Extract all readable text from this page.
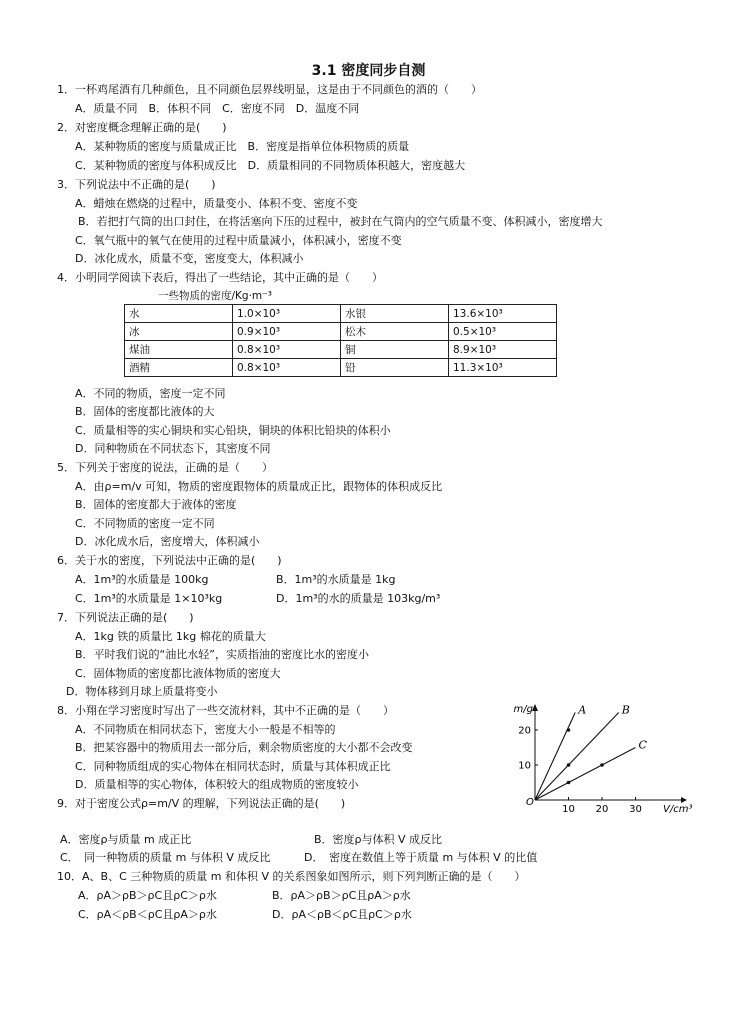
3.1 密度同步自测
1．一杯鸡尾酒有几种颜色，且不同颜色层界线明显，这是由于不同颜色的酒的（　　）
A．质量不同　B．体积不同　C．密度不同　D．温度不同
2．对密度概念理解正确的是(　　)
A．某种物质的密度与质量成正比　B．密度是指单位体积物质的质量
C．某种物质的密度与体积成反比　D．质量相同的不同物质体积越大，密度越大
3．下列说法中不正确的是(　　)
A．蜡烛在燃烧的过程中，质量变小、体积不变、密度不变
B．若把打气筒的出口封住，在将活塞向下压的过程中，被封在气筒内的空气质量不变、体积减小，密度增大
C．氧气瓶中的氧气在使用的过程中质量减小，体积减小，密度不变
D．冰化成水，质量不变，密度变大，体积减小
4．小明同学阅读下表后，得出了一些结论，其中正确的是（　　）
一些物质的密度/Kg·m⁻³
水	1.0×10³	水银	13.6×10³
冰	0.9×10³	松木	0.5×10³
煤油	0.8×10³	铜	8.9×10³
酒精	0.8×10³	铅	11.3×10³
A．不同的物质，密度一定不同
B．固体的密度都比液体的大
C．质量相等的实心铜块和实心铅块，铜块的体积比铅块的体积小
D．同种物质在不同状态下，其密度不同
5．下列关于密度的说法，正确的是（　　）
A．由ρ=m/v 可知，物质的密度跟物体的质量成正比，跟物体的体积成反比
B．固体的密度都大于液体的密度
C．不同物质的密度一定不同
D．冰化成水后，密度增大，体积减小
6．关于水的密度，下列说法中正确的是(　　)
A．1m³的水质量是 100kg	B．1m³的水质量是 1kg
C．1m³的水质量是 1×10³kg	D．1m³的水的质量是 103kg/m³
7．下列说法正确的是(　　)
A．1kg 铁的质量比 1kg 棉花的质量大
B．平时我们说的“油比水轻”，实质指油的密度比水的密度小
C．固体物质的密度都比液体物质的密度大
D．物体移到月球上质量将变小
8．小翔在学习密度时写出了一些交流材料，其中不正确的是（　　）
A．不同物质在相同状态下，密度大小一般是不相等的
B．把某容器中的物质用去一部分后，剩余物质密度的大小都不会改变
C．同种物质组成的实心物体在相同状态时，质量与其体积成正比
D．质量相等的实心物体，体积较大的组成物质的密度较小
9．对于密度公式ρ=m/V 的理解，下列说法正确的是(　　)
A．密度ρ与质量 m 成正比	B．密度ρ与体积 V 成反比
C．　同一种物质的质量 m 与体积 V 成反比	D．　密度在数值上等于质量 m 与体积 V 的比值
10．A、B、C 三种物质的质量 m 和体积 V 的关系图象如图所示，则下列判断正确的是（　　）
A．ρA＞ρB＞ρC且ρC＞ρ水	B．ρA＞ρB＞ρC且ρA＞ρ水
C．ρA＜ρB＜ρC且ρA＞ρ水	D．ρA＜ρB＜ρC且ρC＞ρ水
10 20 30
10
20
m/g
V/cm³
O
A	B
C
